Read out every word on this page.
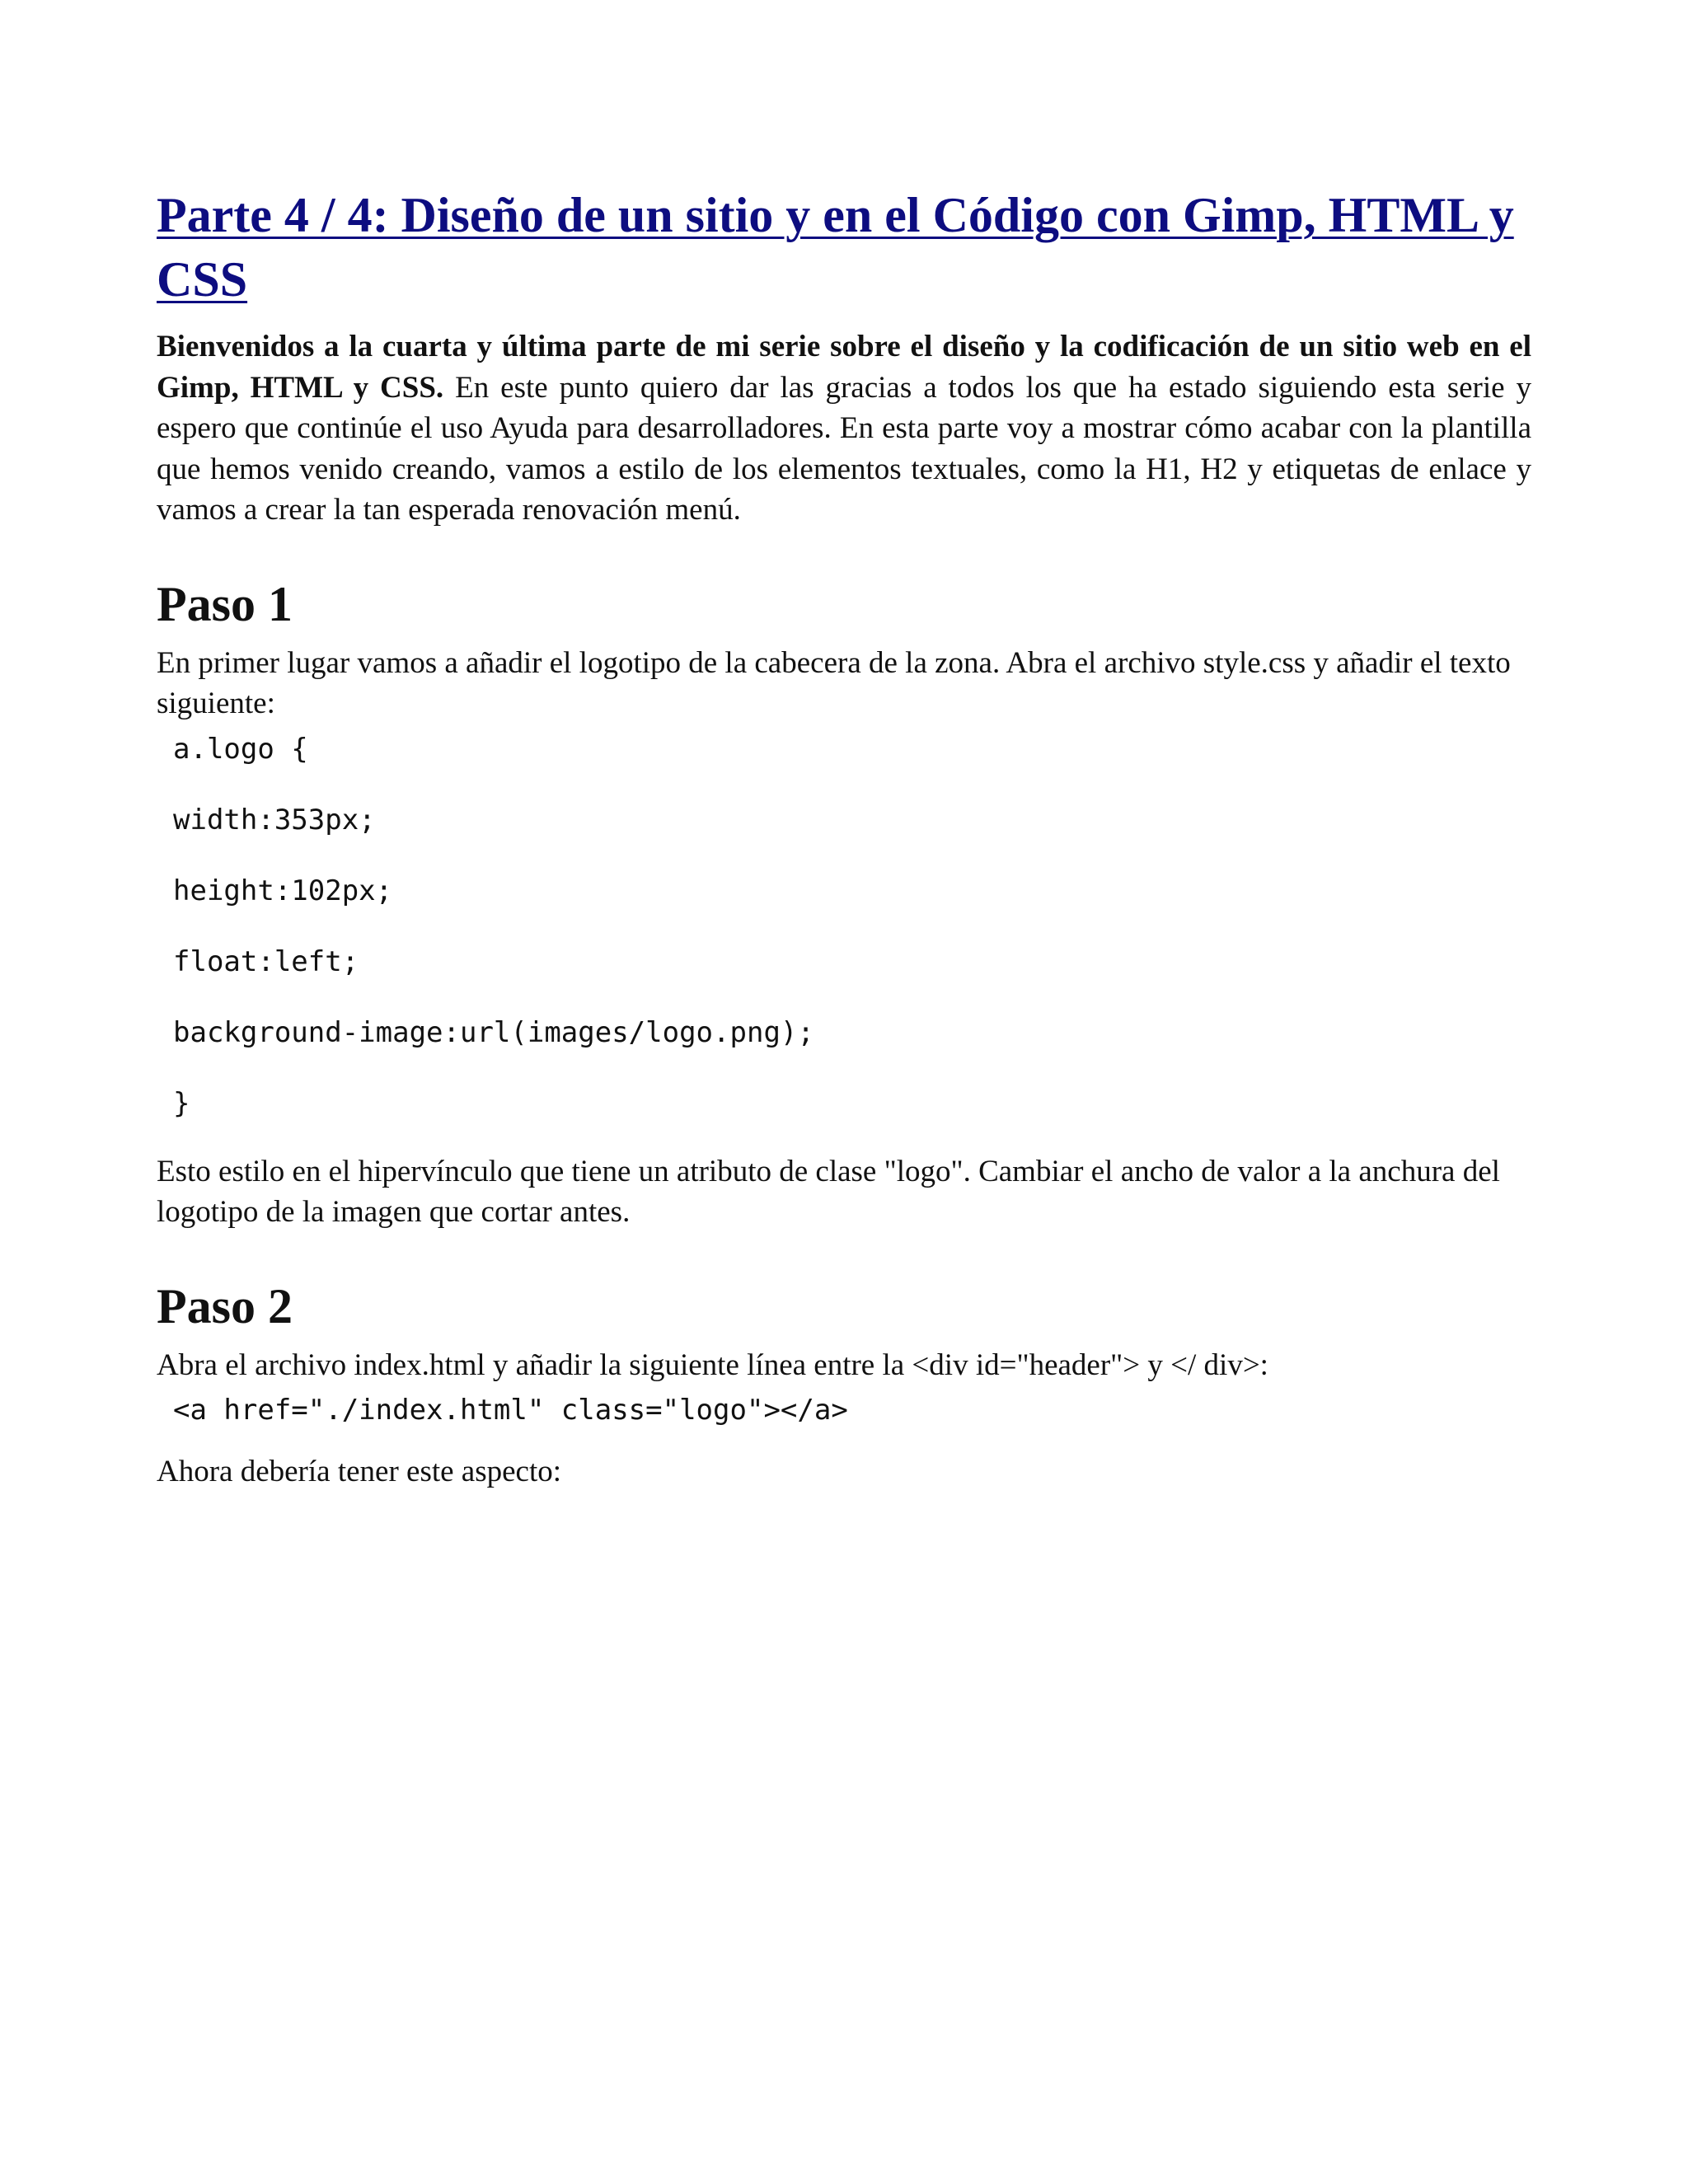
Parte 4 / 4: Diseño de un sitio y en el Código con Gimp, HTML y CSS

Bienvenidos a la cuarta y última parte de mi serie sobre el diseño y la codificación de un sitio web en el Gimp, HTML y CSS. En este punto quiero dar las gracias a todos los que ha estado siguiendo esta serie y espero que continúe el uso Ayuda para desarrolladores. En esta parte voy a mostrar cómo acabar con la plantilla que hemos venido creando, vamos a estilo de los elementos textuales, como la H1, H2 y etiquetas de enlace y vamos a crear la tan esperada renovación menú.

Paso 1

En primer lugar vamos a añadir el logotipo de la cabecera de la zona. Abra el archivo style.css y añadir el texto siguiente:

a.logo {
width:353px;
height:102px;
float:left;
background-image:url(images/logo.png);
}

Esto estilo en el hipervínculo que tiene un atributo de clase "logo". Cambiar el ancho de valor a la anchura del logotipo de la imagen que cortar antes.

Paso 2

Abra el archivo index.html y añadir la siguiente línea entre la <div id="header"> y </ div>:

<a href="./index.html" class="logo"></a>

Ahora debería tener este aspecto:
